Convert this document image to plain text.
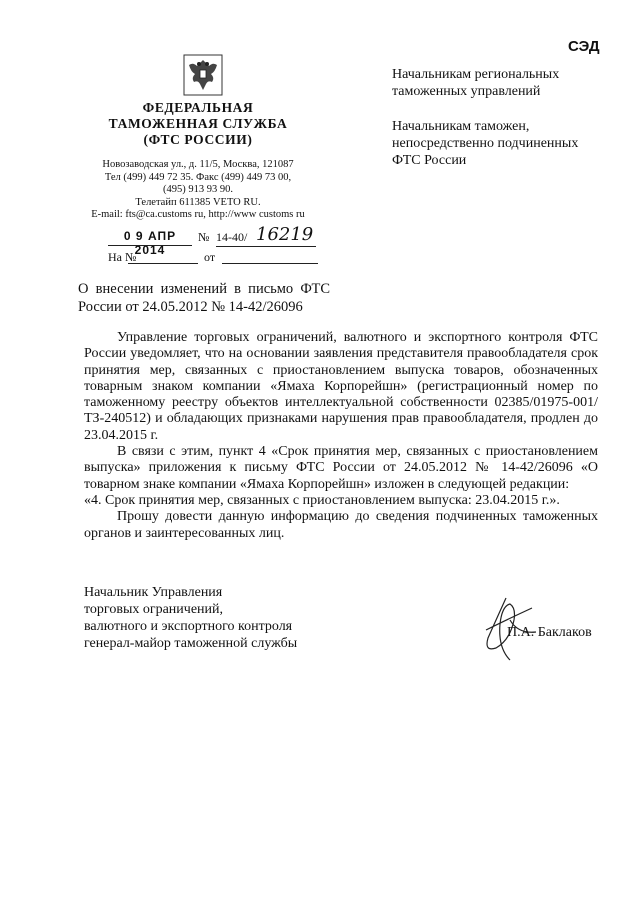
СЭД
ФЕДЕРАЛЬНАЯ
ТАМОЖЕННАЯ СЛУЖБА
(ФТС РОССИИ)
Новозаводская ул., д. 11/5, Москва, 121087
Тел (499) 449 72 35. Факс (499) 449 73 00,
(495) 913 93 90.
Телетайп 611385 VETO RU.
E-mail: fts@ca.customs ru, http://www customs ru
0 9 АПР 2014
№ 14-40/ 16219
На №	от

Начальникам региональных таможенных управлений

Начальникам таможен, непосредственно подчиненных ФТС России

О внесении изменений в письмо ФТС России от 24.05.2012 № 14-42/26096

Управление торговых ограничений, валютного и экспортного контроля ФТС России уведомляет, что на основании заявления представителя правообладателя срок принятия мер, связанных с приостановлением выпуска товаров, обозначенных товарным знаком компании «Ямаха Корпорейшн» (регистрационный номер по таможенному реестру объектов интеллектуальной собственности 02385/01975-001/ТЗ-240512) и обладающих признаками нарушения прав правообладателя, продлен до 23.04.2015 г.

В связи с этим, пункт 4 «Срок принятия мер, связанных с приостановлением выпуска» приложения к письму ФТС России от 24.05.2012 № 14-42/26096 «О товарном знаке компании «Ямаха Корпорейшн» изложен в следующей редакции:

«4. Срок принятия мер, связанных с приостановлением выпуска: 23.04.2015 г.».

Прошу довести данную информацию до сведения подчиненных таможенных органов и заинтересованных лиц.

Начальник Управления
торговых ограничений,
валютного и экспортного контроля
генерал-майор таможенной службы
П.А. Баклаков
